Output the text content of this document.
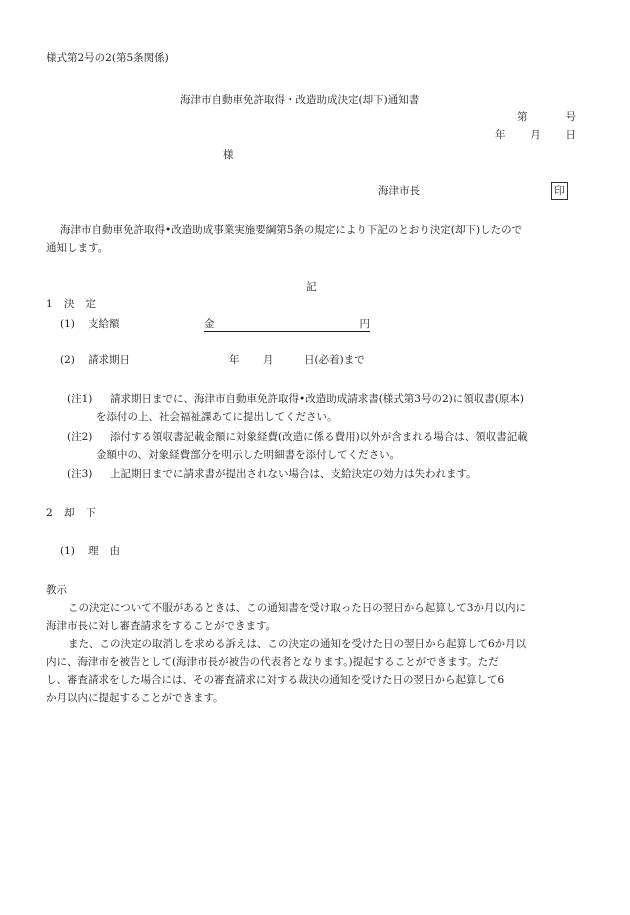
様式第2号の2(第5条関係)
海津市自動車免許取得・改造助成決定(却下)通知書
第	号
年 月 日
様
海津市長	印
海津市自動車免許取得•改造助成事業実施要綱第5条の規定により下記のとおり決定(却下)したので
通知します。
記
1 決 定
(1) 支給額	金	円
(2) 請求期日	年 月	日(必着)まで
(注1) 請求期日までに、海津市自動車免許取得•改造助成請求書(様式第3号の2)に領収書(原本)
を添付の上、社会福祉課あてに提出してください。
(注2) 添付する領収書記載金額に対象経費(改造に係る費用)以外が含まれる場合は、領収書記載
金額中の、対象経費部分を明示した明細書を添付してください。
(注3) 上記期日までに請求書が提出されない場合は、支給決定の効力は失われます。
2 却 下
(1) 理 由
教示
この決定について不服があるときは、この通知書を受け取った日の翌日から起算して3か月以内に
海津市長に対し審査請求をすることができます。
また、この決定の取消しを求める訴えは、この決定の通知を受けた日の翌日から起算して6か月以
内に、海津市を被告として(海津市長が被告の代表者となります。)提起することができます。ただ
し、審査請求をした場合には、その審査請求に対する裁決の通知を受けた日の翌日から起算して6
か月以内に提起することができます。
